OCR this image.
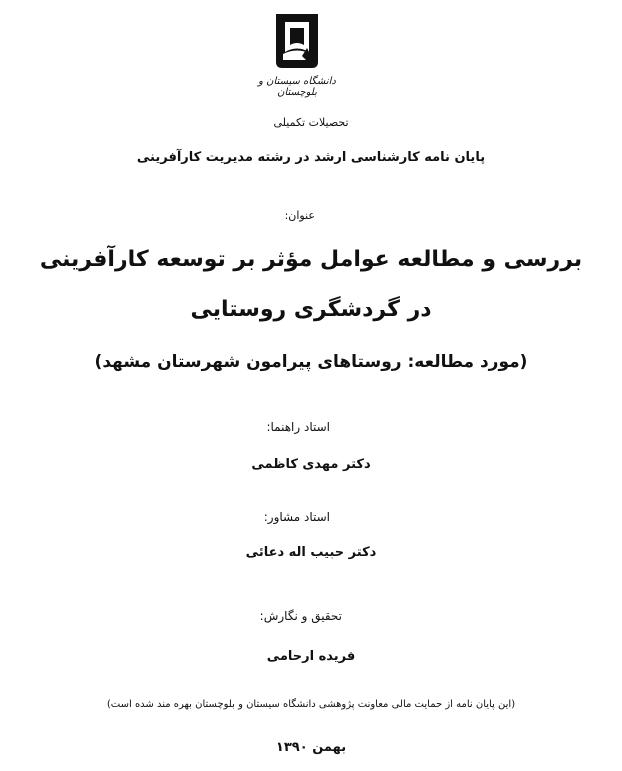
دانشگاه سیستان و بلوچستان
تحصیلات تکمیلی
پایان نامه کارشناسی ارشد در رشته مدیریت کارآفرینی
عنوان:
بررسی و مطالعه عوامل مؤثر بر توسعه کارآفرینی
در گردشگری روستایی
(مورد مطالعه: روستاهای پیرامون شهرستان مشهد)
استاد راهنما:
دکتر مهدی کاظمی
استاد مشاور:
دکتر حبیب اله دعائی
تحقیق و نگارش:
فریده ارحامی
(این پایان نامه از حمایت مالی معاونت پژوهشی دانشگاه سیستان و بلوچستان بهره مند شده است)
بهمن ۱۳۹۰
